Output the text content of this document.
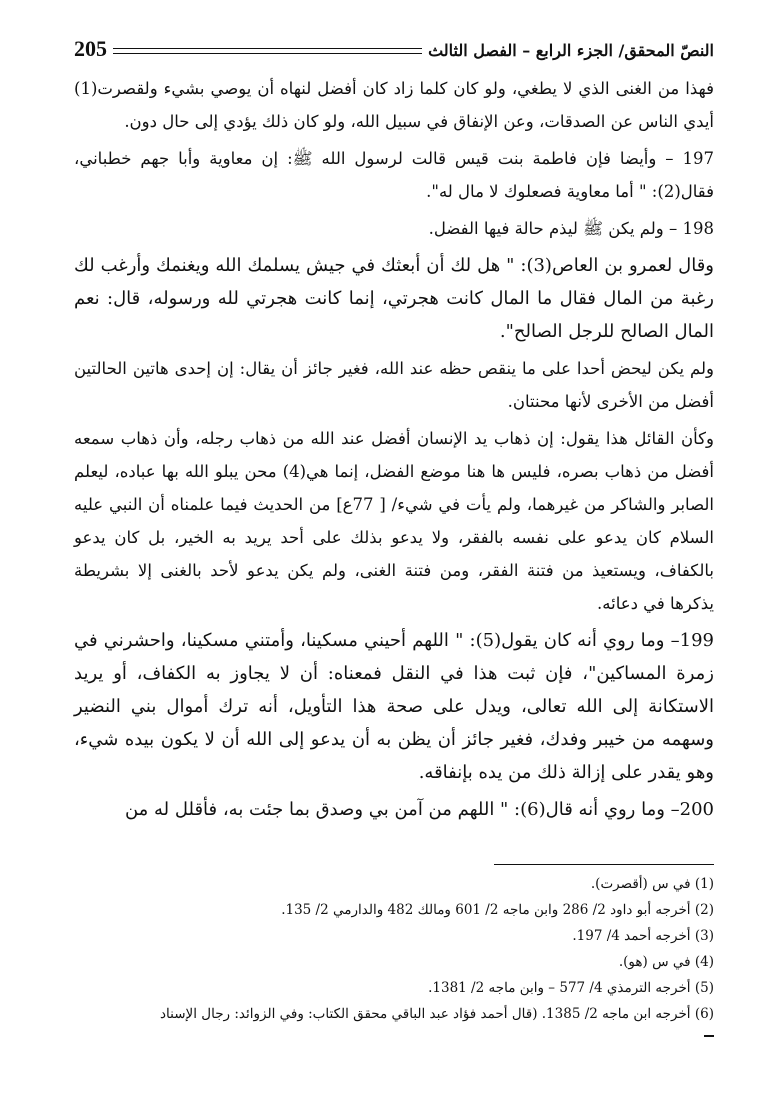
النصّ المحقق/ الجزء الرابع – الفصل الثالث
205

فهذا من الغنى الذي لا يطغي، ولو كان كلما زاد كان أفضل لنهاه أن يوصي بشيء ولقصرت(1) أيدي الناس عن الصدقات، وعن الإنفاق في سبيل الله، ولو كان ذلك يؤدي إلى حال دون.

197 – وأيضا فإن فاطمة بنت قيس قالت لرسول الله ﷺ: إن معاوية وأبا جهم خطباني، فقال(2): " أما معاوية فصعلوك لا مال له".

198 – ولم يكن ﷺ ليذم حالة فيها الفضل.

وقال لعمرو بن العاص(3): " هل لك أن أبعثك في جيش يسلمك الله ويغنمك وأرغب لك رغبة من المال فقال ما المال كانت هجرتي، إنما كانت هجرتي لله ورسوله، قال: نعم المال الصالح للرجل الصالح".

ولم يكن ليحض أحدا على ما ينقص حظه عند الله، فغير جائز أن يقال: إن إحدى هاتين الحالتين أفضل من الأخرى لأنها محنتان.

وكأن القائل هذا يقول: إن ذهاب يد الإنسان أفضل عند الله من ذهاب رجله، وأن ذهاب سمعه أفضل من ذهاب بصره، فليس ها هنا موضع الفضل، إنما هي(4) محن يبلو الله بها عباده، ليعلم الصابر والشاكر من غيرهما، ولم يأت في شيء/ [ 77ع] من الحديث فيما علمناه أن النبي عليه السلام كان يدعو على نفسه بالفقر، ولا يدعو بذلك على أحد يريد به الخير، بل كان يدعو بالكفاف، ويستعيذ من فتنة الفقر، ومن فتنة الغنى، ولم يكن يدعو لأحد بالغنى إلا بشريطة يذكرها في دعائه.

199– وما روي أنه كان يقول(5): " اللهم أحيني مسكينا، وأمتني مسكينا، واحشرني في زمرة المساكين"، فإن ثبت هذا في النقل فمعناه: أن لا يجاوز به الكفاف، أو يريد الاستكانة إلى الله تعالى، ويدل على صحة هذا التأويل، أنه ترك أموال بني النضير وسهمه من خيبر وفدك، فغير جائز أن يظن به أن يدعو إلى الله أن لا يكون بيده شيء، وهو يقدر على إزالة ذلك من يده بإنفاقه.

200– وما روي أنه قال(6): " اللهم من آمن بي وصدق بما جئت به، فأقلل له من

(1) في س (أقصرت).

(2) أخرجه أبو داود 2/ 286 وابن ماجه 2/ 601 ومالك 482 والدارمي 2/ 135.

(3) أخرجه أحمد 4/ 197.

(4) في س (هو).

(5) أخرجه الترمذي 4/ 577 – وابن ماجه 2/ 1381.

(6) أخرجه ابن ماجه 2/ 1385. (قال أحمد فؤاد عبد الباقي محقق الكتاب: وفي الزوائد: رجال الإسناد
